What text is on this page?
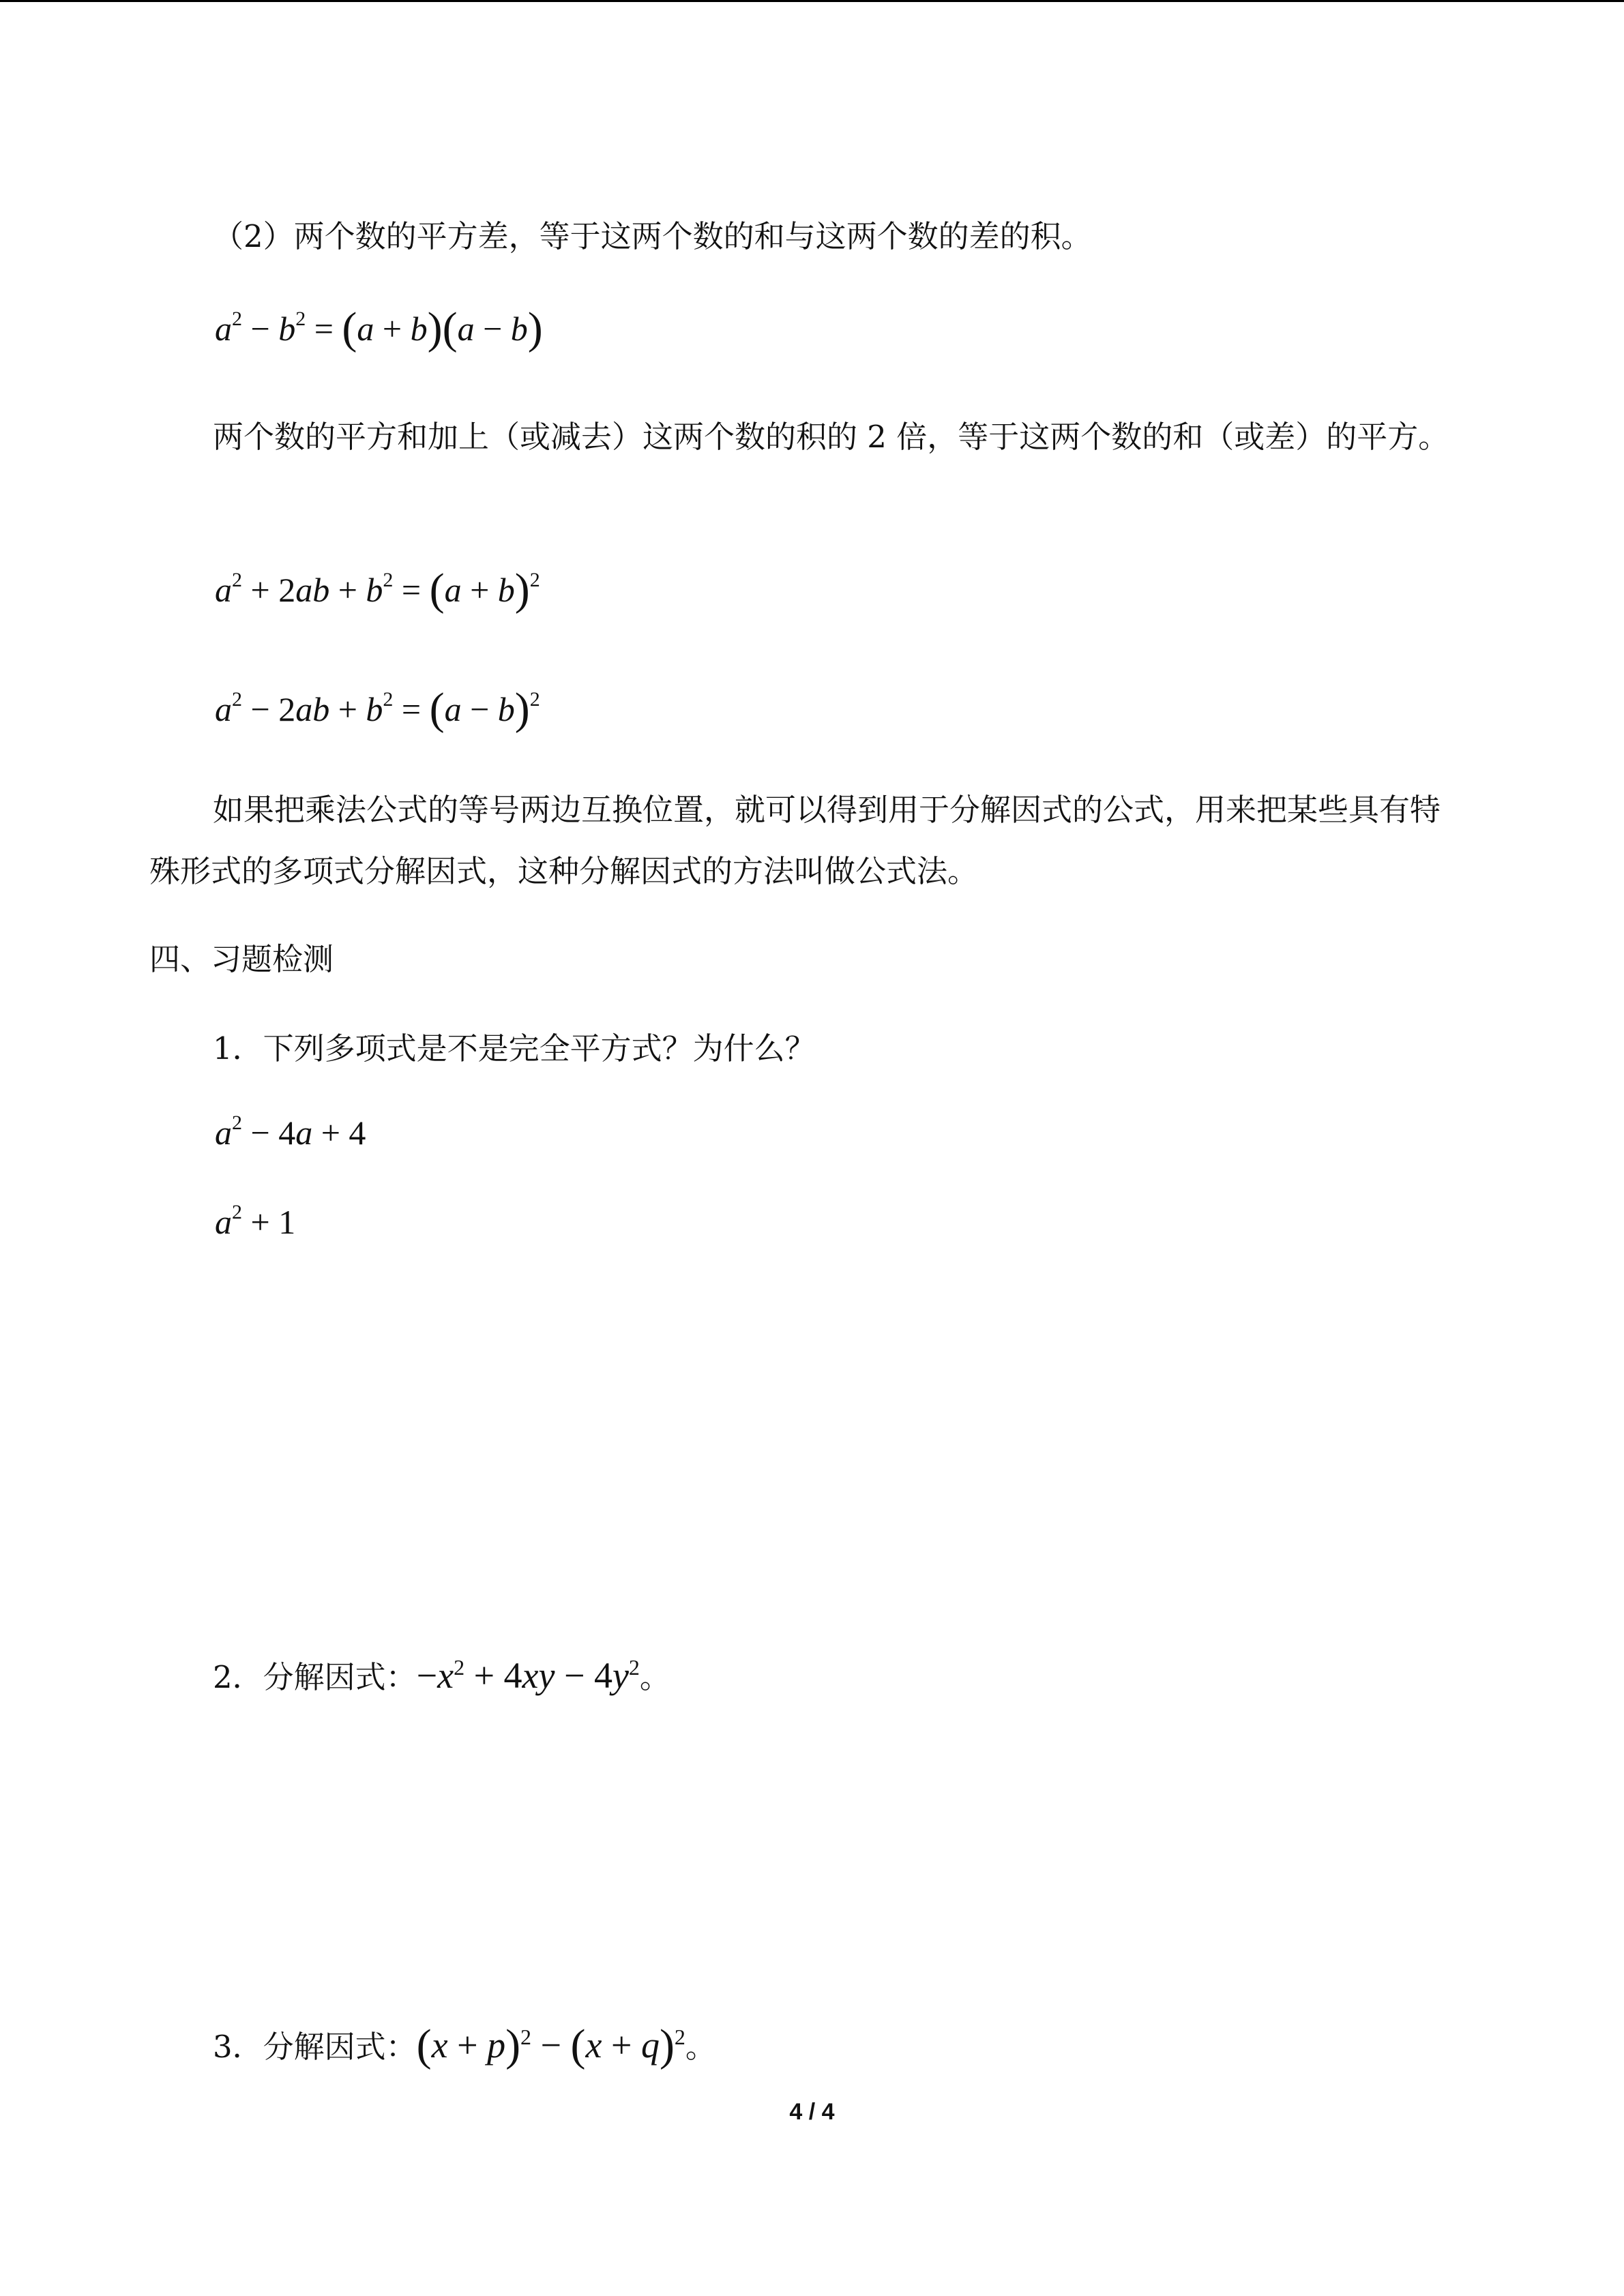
（2）两个数的平方差，等于这两个数的和与这两个数的差的积。
$a^2 - b^2 = (a + b)(a - b)$
两个数的平方和加上（或减去）这两个数的积的 2 倍，等于这两个数的和（或差）的平方。
$a^2 + 2ab + b^2 = (a + b)^2$
$a^2 - 2ab + b^2 = (a - b)^2$
如果把乘法公式的等号两边互换位置，就可以得到用于分解因式的公式，用来把某些具有特殊形式的多项式分解因式，这种分解因式的方法叫做公式法。
四、习题检测
1．下列多项式是不是完全平方式？为什么？
$a^2 - 4a + 4$
$a^2 + 1$
2．分解因式：$-x^2 + 4xy - 4y^2$。
3．分解因式：$(x + p)^2 - (x + q)^2$。
4 / 4
